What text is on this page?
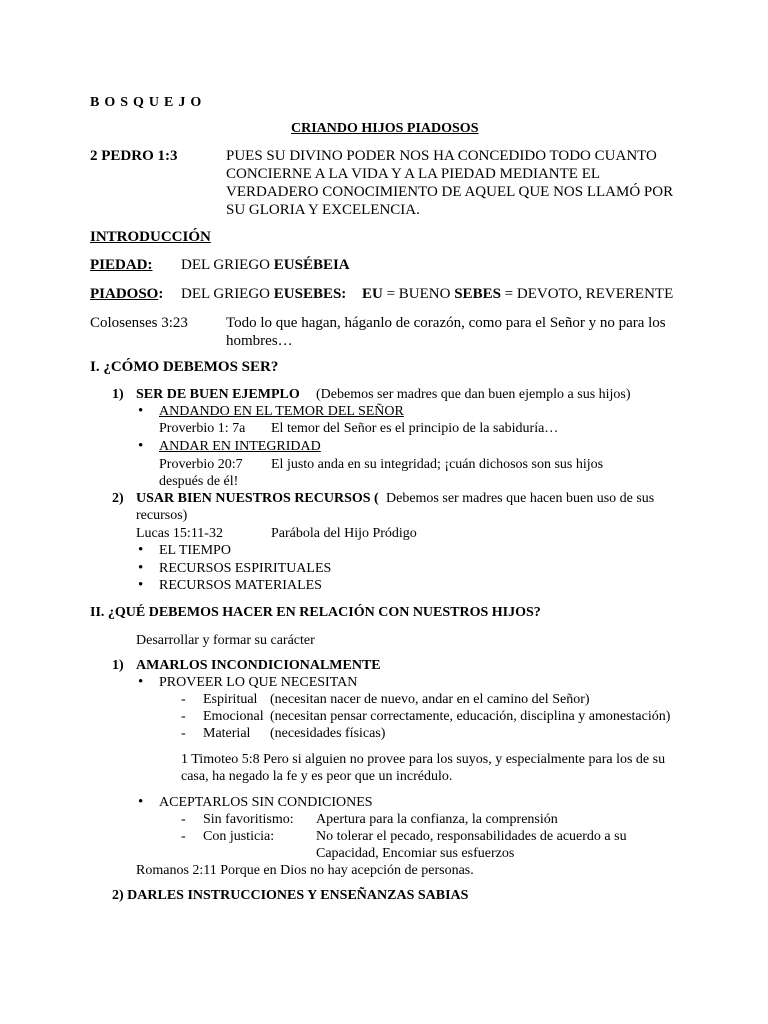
BOSQUEJO
CRIANDO HIJOS PIADOSOS
2 PEDRO 1:3	PUES SU DIVINO PODER NOS HA CONCEDIDO TODO CUANTO
CONCIERNE A LA VIDA Y A LA PIEDAD MEDIANTE EL
VERDADERO CONOCIMIENTO DE AQUEL QUE NOS LLAMÓ POR
SU GLORIA Y EXCELENCIA.
INTRODUCCIÓN
PIEDAD: DEL GRIEGO EUSÉBEIA
PIADOSO: DEL GRIEGO EUSEBES: EU = BUENO SEBES = DEVOTO, REVERENTE
Colosenses 3:23	Todo lo que hagan, háganlo de corazón, como para el Señor y no para los
hombres…
I. ¿CÓMO DEBEMOS SER?
1) SER DE BUEN EJEMPLO (Debemos ser madres que dan buen ejemplo a sus hijos)
• ANDANDO EN EL TEMOR DEL SEÑOR
Proverbio 1: 7a El temor del Señor es el principio de la sabiduría…
• ANDAR EN INTEGRIDAD
Proverbio 20:7 El justo anda en su integridad; ¡cuán dichosos son sus hijos
después de él!
2) USAR BIEN NUESTROS RECURSOS ( Debemos ser madres que hacen buen uso de sus
recursos)
Lucas 15:11-32	Parábola del Hijo Pródigo
• EL TIEMPO
• RECURSOS ESPIRITUALES
• RECURSOS MATERIALES
II. ¿QUÉ DEBEMOS HACER EN RELACIÓN CON NUESTROS HIJOS?
Desarrollar y formar su carácter
1) AMARLOS INCONDICIONALMENTE
• PROVEER LO QUE NECESITAN
- Espiritual (necesitan nacer de nuevo, andar en el camino del Señor)
- Emocional (necesitan pensar correctamente, educación, disciplina y amonestación)
- Material (necesidades físicas)
1 Timoteo 5:8 Pero si alguien no provee para los suyos, y especialmente para los de su
casa, ha negado la fe y es peor que un incrédulo.
• ACEPTARLOS SIN CONDICIONES
- Sin favoritismo: Apertura para la confianza, la comprensión
- Con justicia:	No tolerar el pecado, responsabilidades de acuerdo a su
Capacidad, Encomiar sus esfuerzos
Romanos 2:11 Porque en Dios no hay acepción de personas.
2) DARLES INSTRUCCIONES Y ENSEÑANZAS SABIAS
